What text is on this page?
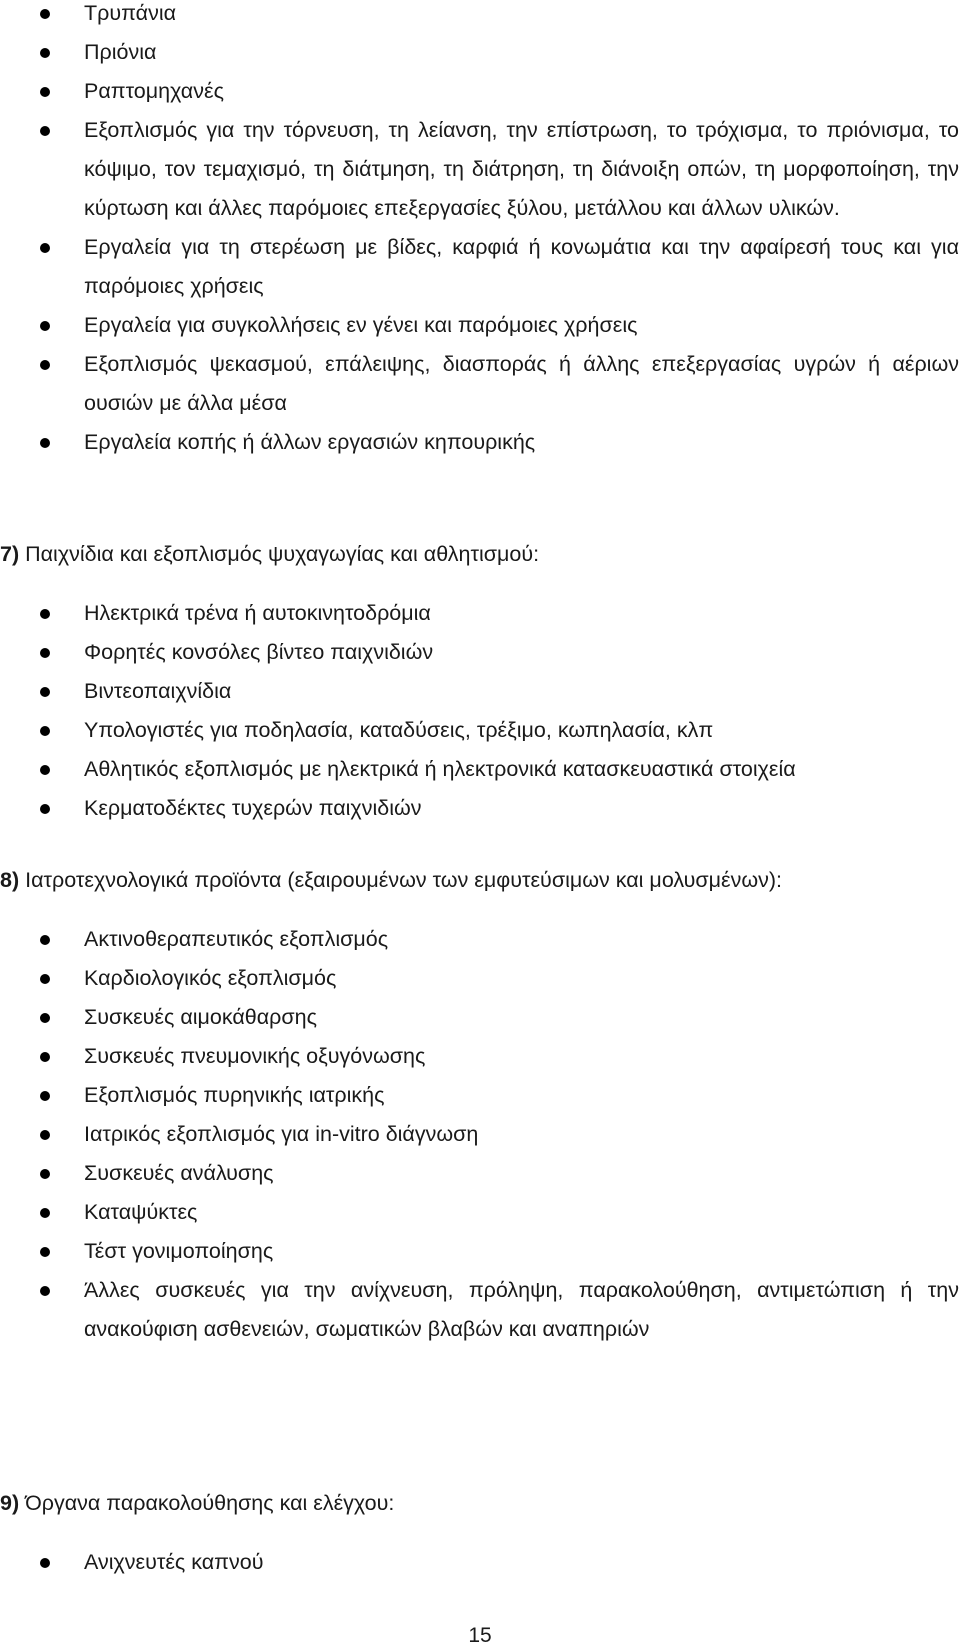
Τρυπάνια
Πριόνια
Ραπτομηχανές
Εξοπλισμός για την τόρνευση, τη λείανση, την επίστρωση, το τρόχισμα, το πριόνισμα, το κόψιμο, τον τεμαχισμό, τη διάτμηση, τη διάτρηση, τη διάνοιξη οπών, τη μορφοποίηση, την κύρτωση και άλλες παρόμοιες επεξεργασίες ξύλου, μετάλλου και άλλων υλικών.
Εργαλεία για τη στερέωση με βίδες, καρφιά ή κονωμάτια και την αφαίρεσή τους και για παρόμοιες χρήσεις
Εργαλεία για συγκολλήσεις εν γένει και παρόμοιες χρήσεις
Εξοπλισμός ψεκασμού, επάλειψης, διασποράς ή άλλης επεξεργασίας υγρών ή αέριων ουσιών με άλλα μέσα
Εργαλεία κοπής ή άλλων εργασιών κηπουρικής
7) Παιχνίδια και εξοπλισμός ψυχαγωγίας και αθλητισμού:
Ηλεκτρικά τρένα ή αυτοκινητοδρόμια
Φορητές κονσόλες βίντεο παιχνιδιών
Βιντεοπαιχνίδια
Υπολογιστές για ποδηλασία, καταδύσεις, τρέξιμο, κωπηλασία, κλπ
Αθλητικός εξοπλισμός με ηλεκτρικά ή ηλεκτρονικά κατασκευαστικά στοιχεία
Κερματοδέκτες τυχερών παιχνιδιών
8) Ιατροτεχνολογικά προϊόντα (εξαιρουμένων των εμφυτεύσιμων και μολυσμένων):
Ακτινοθεραπευτικός εξοπλισμός
Καρδιολογικός εξοπλισμός
Συσκευές αιμοκάθαρσης
Συσκευές πνευμονικής οξυγόνωσης
Εξοπλισμός πυρηνικής ιατρικής
Ιατρικός εξοπλισμός για in-vitro διάγνωση
Συσκευές ανάλυσης
Καταψύκτες
Τέστ γονιμοποίησης
Άλλες συσκευές για την ανίχνευση, πρόληψη, παρακολούθηση, αντιμετώπιση ή την ανακούφιση ασθενειών, σωματικών βλαβών και αναπηριών
9) Όργανα παρακολούθησης και ελέγχου:
Ανιχνευτές καπνού
15
